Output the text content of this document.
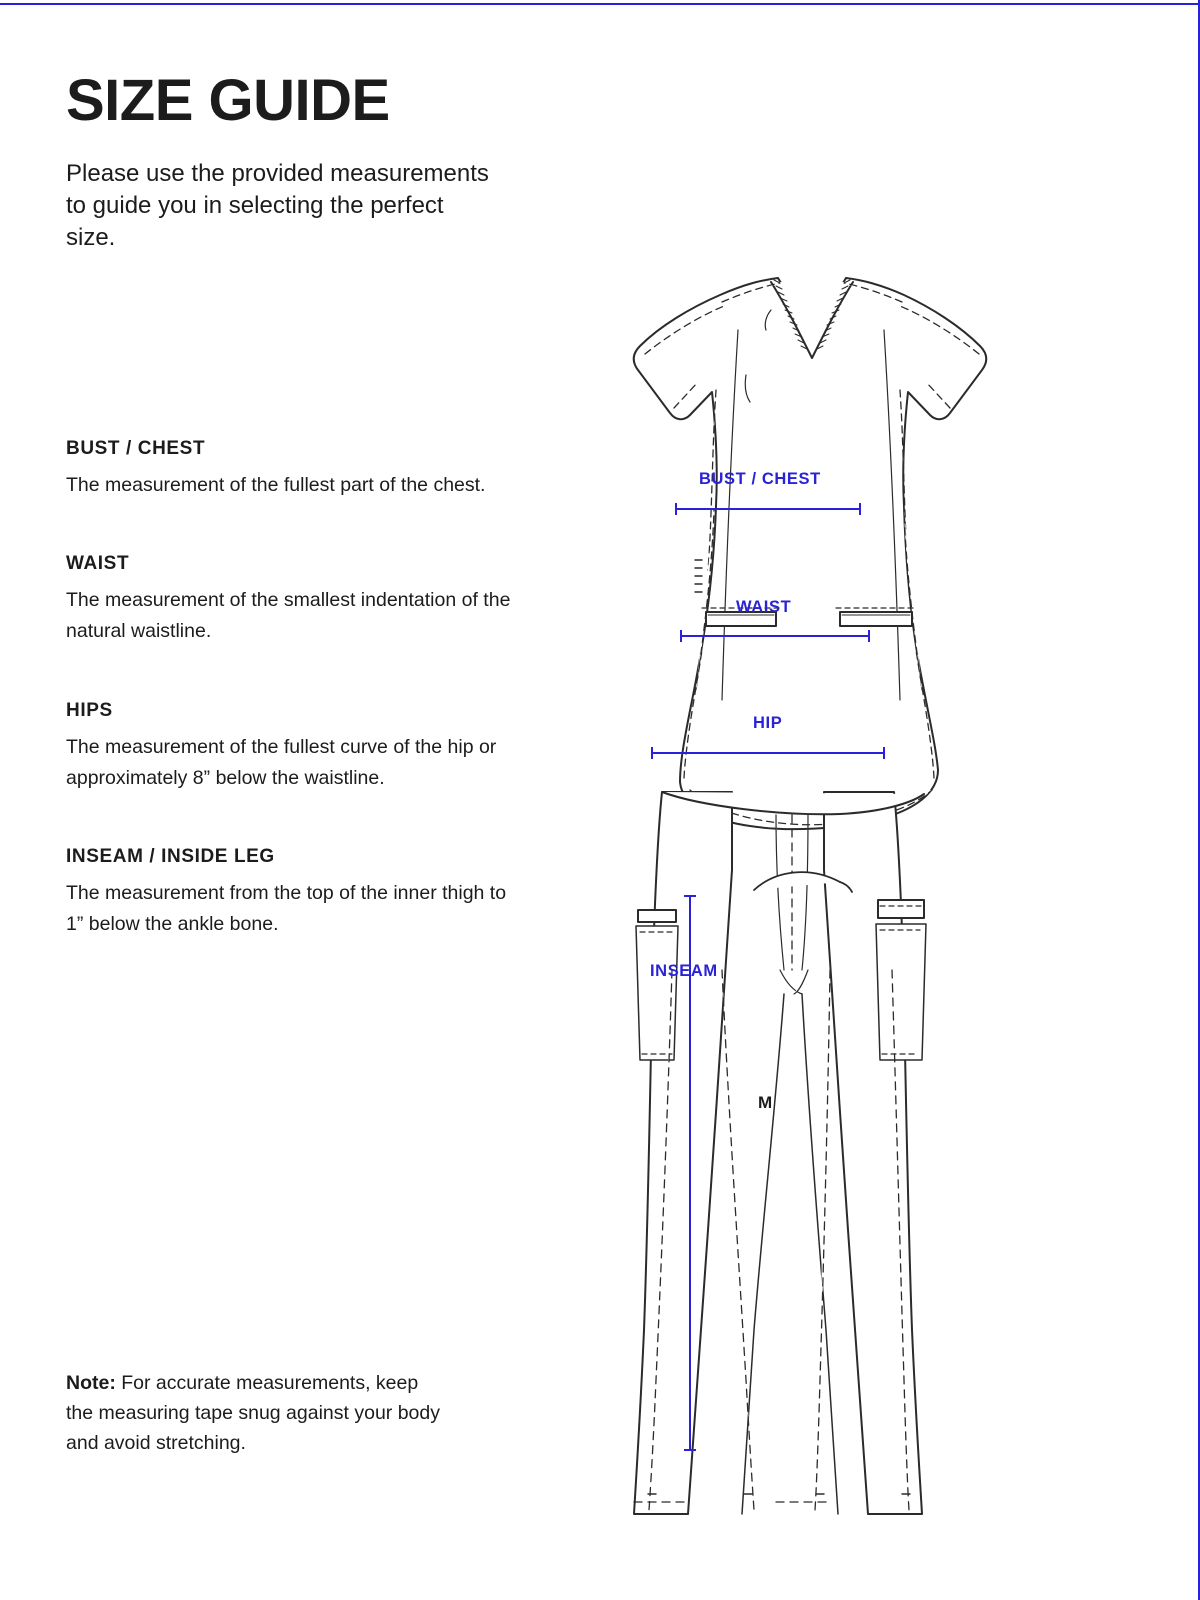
SIZE GUIDE

Please use the provided measurements to guide you in selecting the perfect size.

BUST / CHEST

The measurement of the fullest part of the chest.

WAIST

The measurement of the smallest indentation of the natural waistline.

HIPS

The measurement of the fullest curve of the hip or approximately 8” below the waistline.

INSEAM / INSIDE LEG

The measurement from the top of the inner thigh to 1” below the ankle bone.

Note: For accurate measurements, keep the measuring tape snug against your body and avoid stretching.
BUST / CHEST
WAIST
HIP
INSEAM
M
